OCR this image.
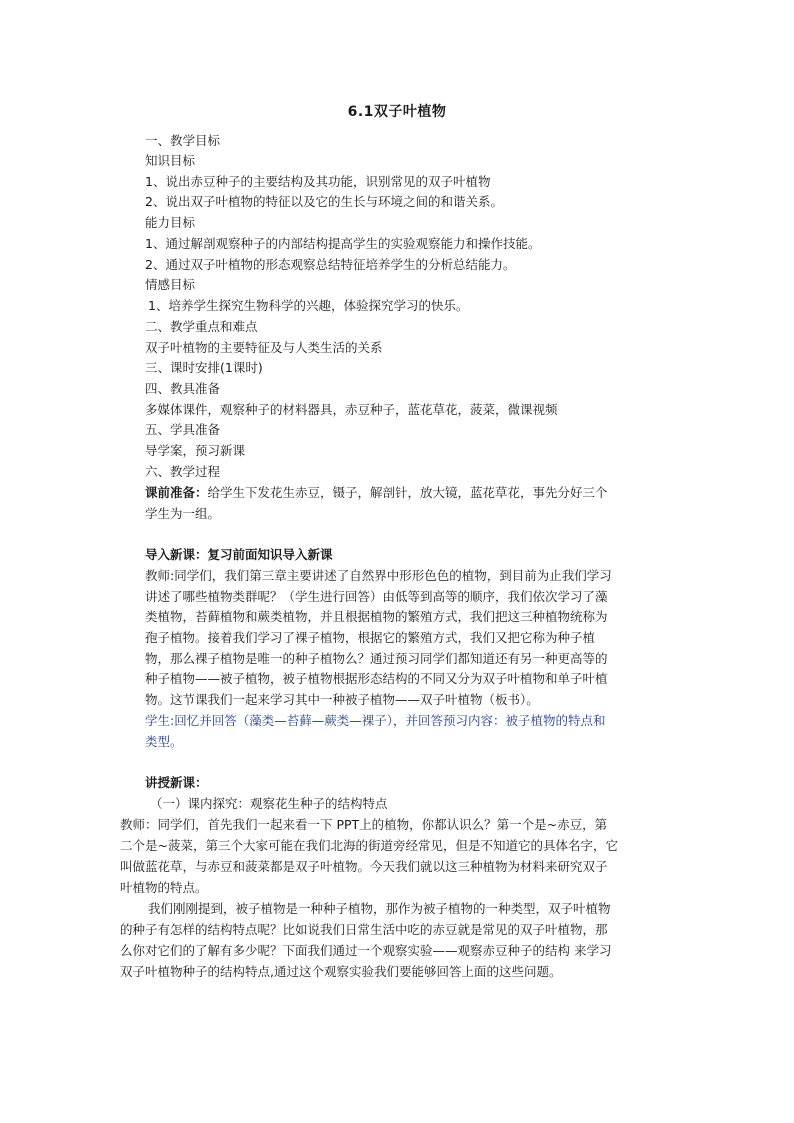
6.1双子叶植物
一、教学目标
知识目标
1、说出赤豆种子的主要结构及其功能，识别常见的双子叶植物
2、说出双子叶植物的特征以及它的生长与环境之间的和谐关系。
能力目标
1、通过解剖观察种子的内部结构提高学生的实验观察能力和操作技能。
2、通过双子叶植物的形态观察总结特征培养学生的分析总结能力。
情感目标
1、培养学生探究生物科学的兴趣，体验探究学习的快乐。
二、教学重点和难点
双子叶植物的主要特征及与人类生活的关系
三、课时安排(1课时)
四、教具准备
多媒体课件，观察种子的材料器具，赤豆种子，蓝花草花，菠菜，微课视频
五、学具准备
导学案，预习新课
六、教学过程
课前准备：给学生下发花生赤豆，镊子，解剖针，放大镜，蓝花草花，事先分好三个
学生为一组。
导入新课：复习前面知识导入新课
教师:同学们，我们第三章主要讲述了自然界中形形色色的植物，到目前为止我们学习
讲述了哪些植物类群呢？（学生进行回答）由低等到高等的顺序，我们依次学习了藻
类植物，苔藓植物和蕨类植物，并且根据植物的繁殖方式，我们把这三种植物统称为
孢子植物。接着我们学习了裸子植物，根据它的繁殖方式，我们又把它称为种子植
物，那么裸子植物是唯一的种子植物么？通过预习同学们都知道还有另一种更高等的
种子植物——被子植物，被子植物根据形态结构的不同又分为双子叶植物和单子叶植
物。这节课我们一起来学习其中一种被子植物——双子叶植物（板书）。
学生:回忆并回答（藻类—苔藓—蕨类—裸子），并回答预习内容：被子植物的特点和
类型。
讲授新课：
（一）课内探究：观察花生种子的结构特点
教师：同学们，首先我们一起来看一下 PPT上的植物，你都认识么？第一个是~赤豆，第
二个是~菠菜，第三个大家可能在我们北海的街道旁经常见，但是不知道它的具体名字，它
叫做蓝花草，与赤豆和菠菜都是双子叶植物。今天我们就以这三种植物为材料来研究双子
叶植物的特点。
我们刚刚提到，被子植物是一种种子植物，那作为被子植物的一种类型，双子叶植物
的种子有怎样的结构特点呢？比如说我们日常生活中吃的赤豆就是常见的双子叶植物，那
么你对它们的了解有多少呢？下面我们通过一个观察实验——观察赤豆种子的结构 来学习
双子叶植物种子的结构特点,通过这个观察实验我们要能够回答上面的这些问题。
